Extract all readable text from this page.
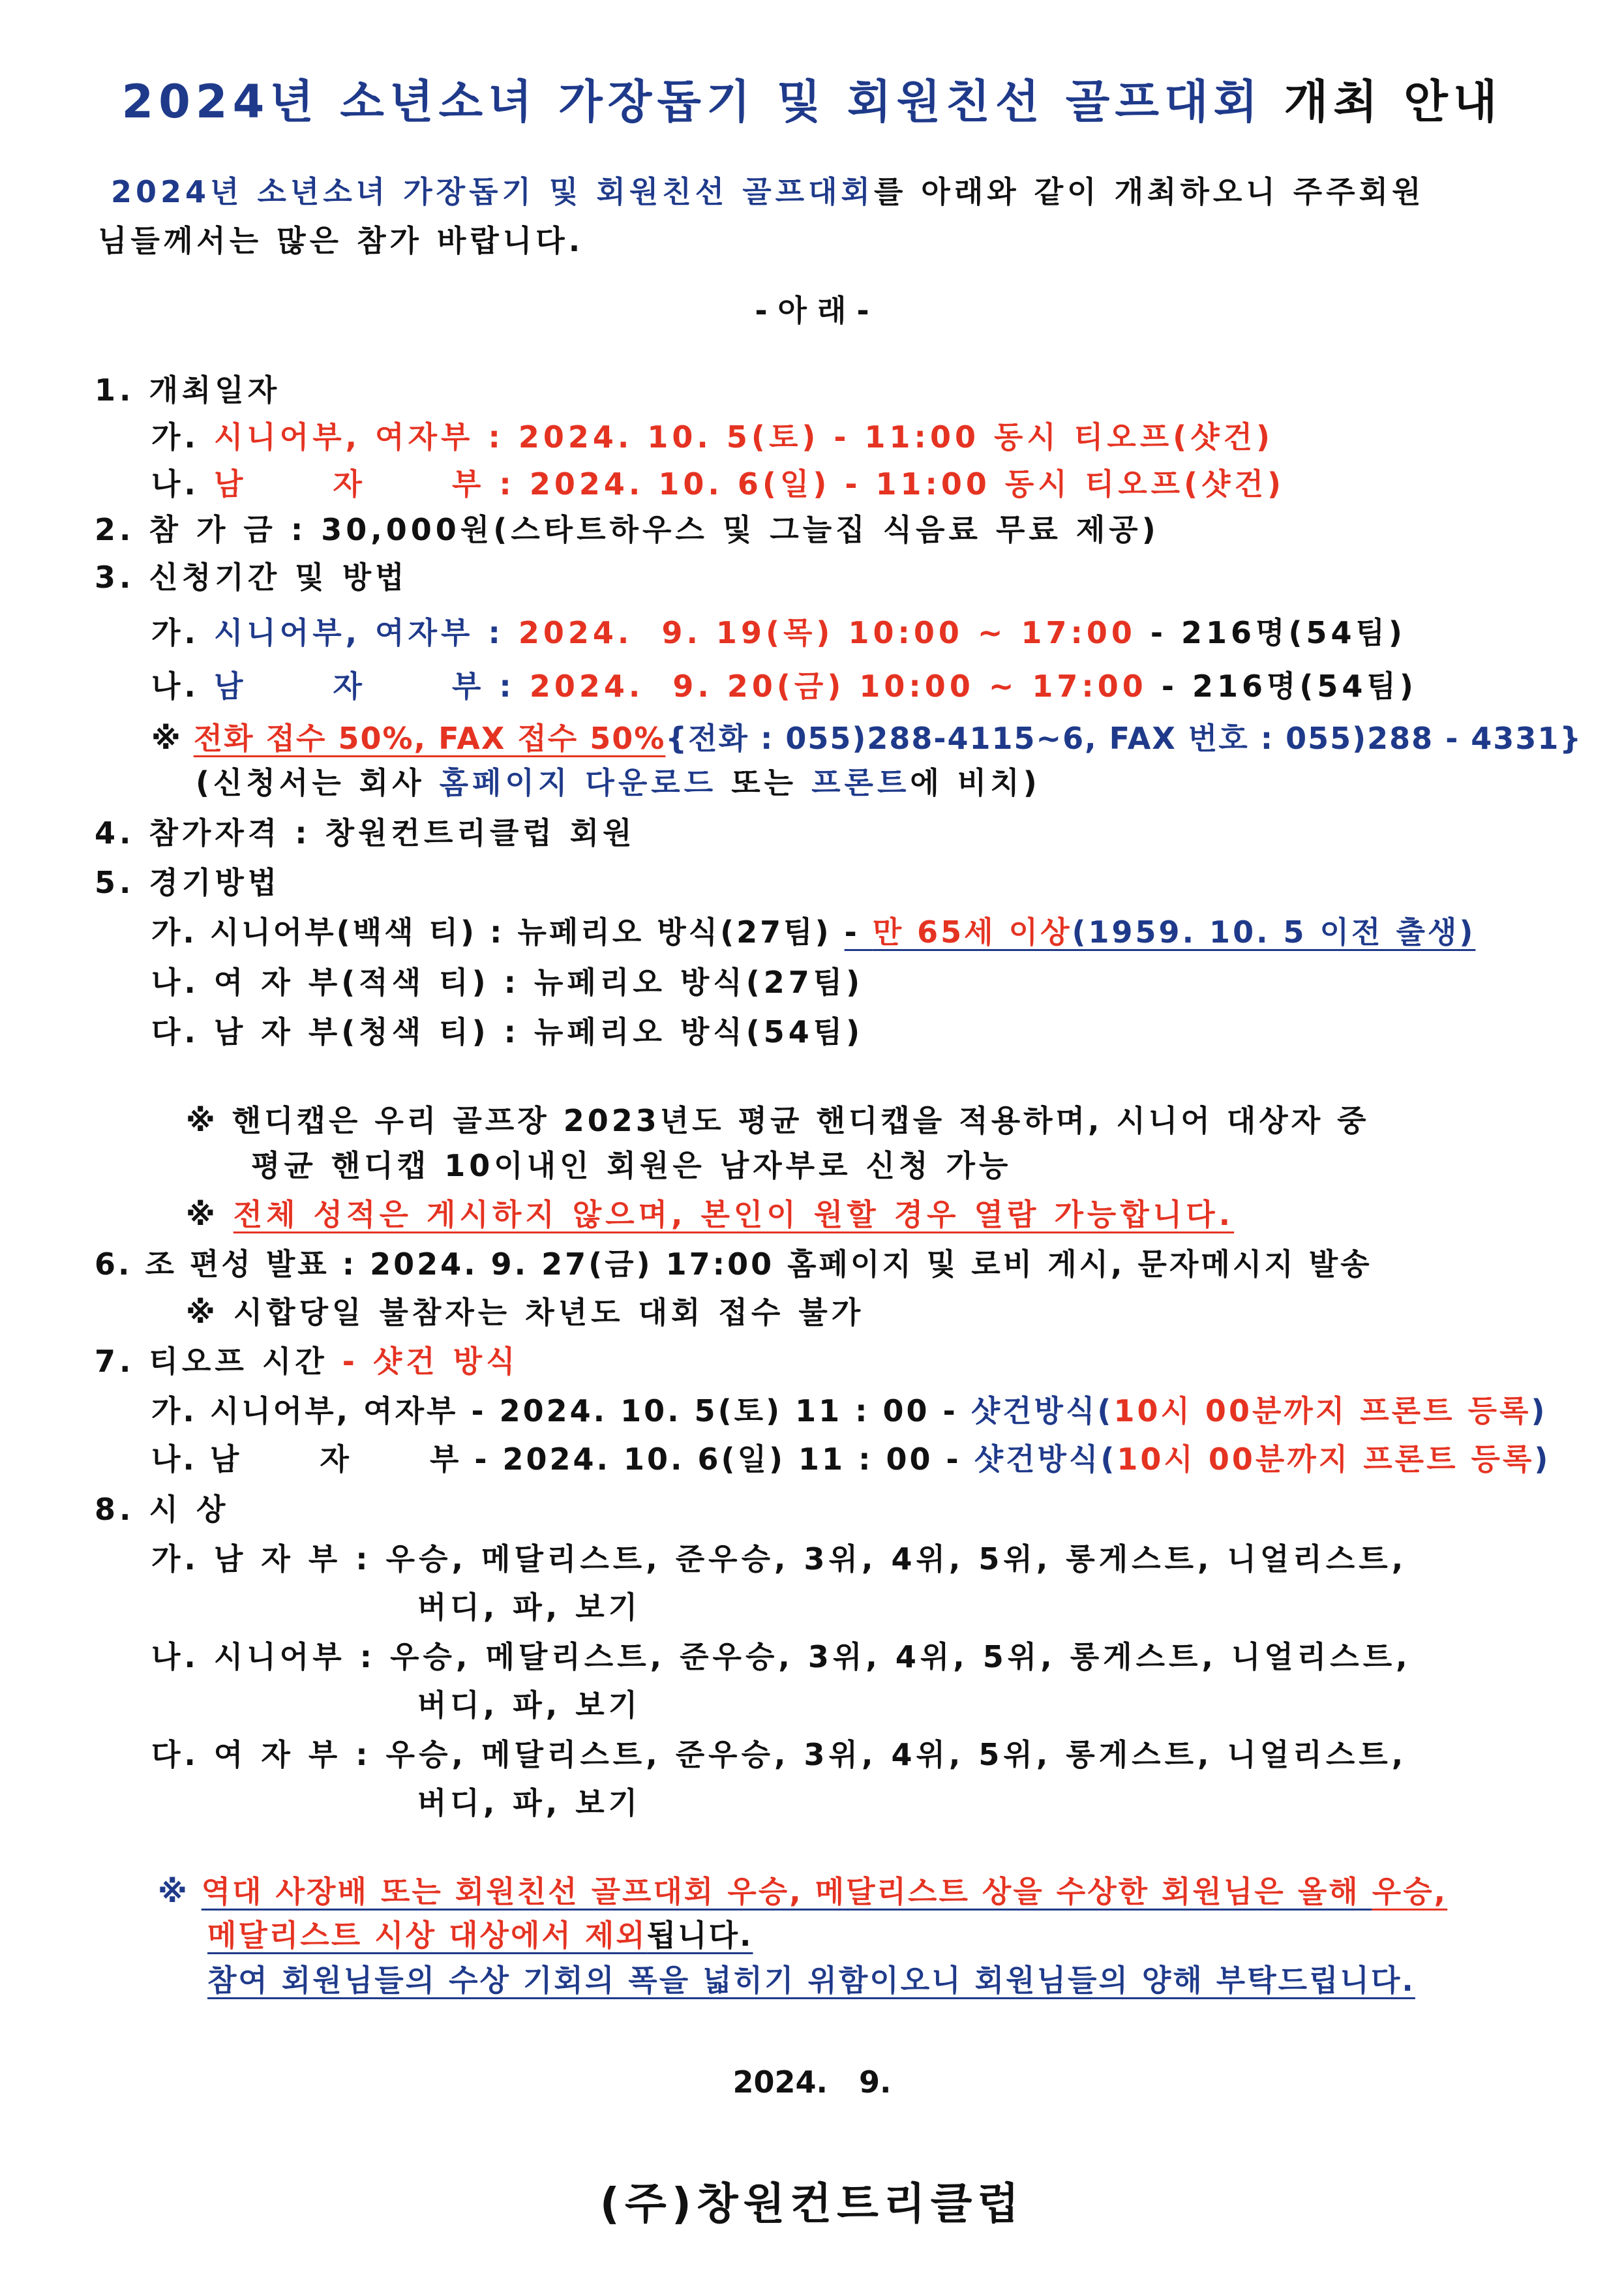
2024년 소년소녀 가장돕기 및 회원친선 골프대회 개최 안내
2024년 소년소녀 가장돕기 및 회원친선 골프대회를 아래와 같이 개최하오니 주주회원
님들께서는 많은 참가 바랍니다.
- 아 래 -
1. 개최일자
가. 시니어부, 여자부 : 2024. 10. 5(토) - 11:00 동시 티오프(샷건)
나. 남      자      부 : 2024. 10. 6(일) - 11:00 동시 티오프(샷건)
2. 참 가 금 : 30,000원(스타트하우스 및 그늘집 식음료 무료 제공)
3. 신청기간 및 방법
가. 시니어부, 여자부 : 2024.  9. 19(목) 10:00 ~ 17:00 - 216명(54팀)
나. 남      자      부 : 2024.  9. 20(금) 10:00 ~ 17:00 - 216명(54팀)
※ 전화 접수 50%, FAX 접수 50%{전화 : 055)288-4115~6, FAX 번호 : 055)288 - 4331}
(신청서는 회사 홈페이지 다운로드 또는 프론트에 비치)
4. 참가자격 : 창원컨트리클럽 회원
5. 경기방법
가. 시니어부(백색 티) : 뉴페리오 방식(27팀) - 만 65세 이상(1959. 10. 5 이전 출생)
나. 여 자 부(적색 티) : 뉴페리오 방식(27팀)
다. 남 자 부(청색 티) : 뉴페리오 방식(54팀)
※ 핸디캡은 우리 골프장 2023년도 평균 핸디캡을 적용하며, 시니어 대상자 중
평균 핸디캡 10이내인 회원은 남자부로 신청 가능
※ 전체 성적은 게시하지 않으며, 본인이 원할 경우 열람 가능합니다.
6. 조 편성 발표 : 2024. 9. 27(금) 17:00 홈페이지 및 로비 게시, 문자메시지 발송
※ 시합당일 불참자는 차년도 대회 접수 불가
7. 티오프 시간 - 샷건 방식
가. 시니어부, 여자부 - 2024. 10. 5(토) 11 : 00 - 샷건방식(10시 00분까지 프론트 등록)
나. 남      자      부 - 2024. 10. 6(일) 11 : 00 - 샷건방식(10시 00분까지 프론트 등록)
8. 시 상
가. 남 자 부 : 우승, 메달리스트, 준우승, 3위, 4위, 5위, 롱게스트, 니얼리스트,
버디, 파, 보기
나. 시니어부 : 우승, 메달리스트, 준우승, 3위, 4위, 5위, 롱게스트, 니얼리스트,
버디, 파, 보기
다. 여 자 부 : 우승, 메달리스트, 준우승, 3위, 4위, 5위, 롱게스트, 니얼리스트,
버디, 파, 보기
※ 역대 사장배 또는 회원친선 골프대회 우승, 메달리스트 상을 수상한 회원님은 올해 우승,
메달리스트 시상 대상에서 제외됩니다.
참여 회원님들의 수상 기회의 폭을 넓히기 위함이오니 회원님들의 양해 부탁드립니다.
2024.   9.
(주)창원컨트리클럽
